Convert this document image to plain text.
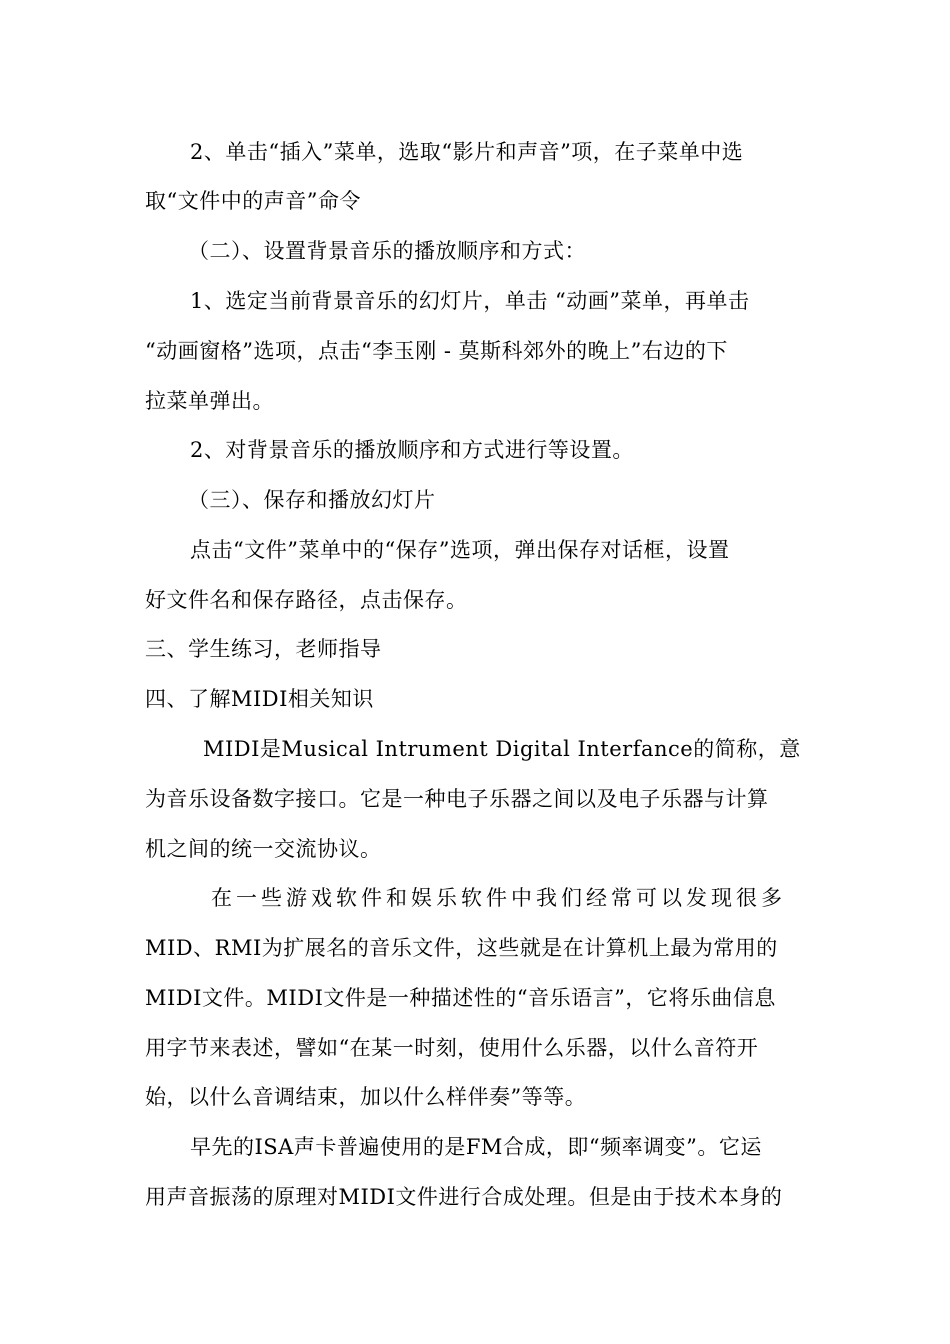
2、单击“插入”菜单，选取“影片和声音”项，在子菜单中选
取“文件中的声音”命令
（二）、设置背景音乐的播放顺序和方式：
1、选定当前背景音乐的幻灯片，单击 “动画”菜单，再单击
“动画窗格”选项，点击“李玉刚 - 莫斯科郊外的晚上”右边的下
拉菜单弹出。
2、对背景音乐的播放顺序和方式进行等设置。
（三）、保存和播放幻灯片
点击“文件”菜单中的“保存”选项，弹出保存对话框，设置
好文件名和保存路径，点击保存。
三、学生练习，老师指导
四、了解MIDI相关知识
MIDI是Musical Intrument Digital Interfance的简称，意
为音乐设备数字接口。它是一种电子乐器之间以及电子乐器与计算
机之间的统一交流协议。
在一些游戏软件和娱乐软件中我们经常可以发现很多
MID、RMI为扩展名的音乐文件，这些就是在计算机上最为常用的
MIDI文件。MIDI文件是一种描述性的“音乐语言”，它将乐曲信息
用字节来表述，譬如“在某一时刻，使用什么乐器，以什么音符开
始，以什么音调结束，加以什么样伴奏”等等。
早先的ISA声卡普遍使用的是FM合成，即“频率调变”。它运
用声音振荡的原理对MIDI文件进行合成处理。但是由于技术本身的
